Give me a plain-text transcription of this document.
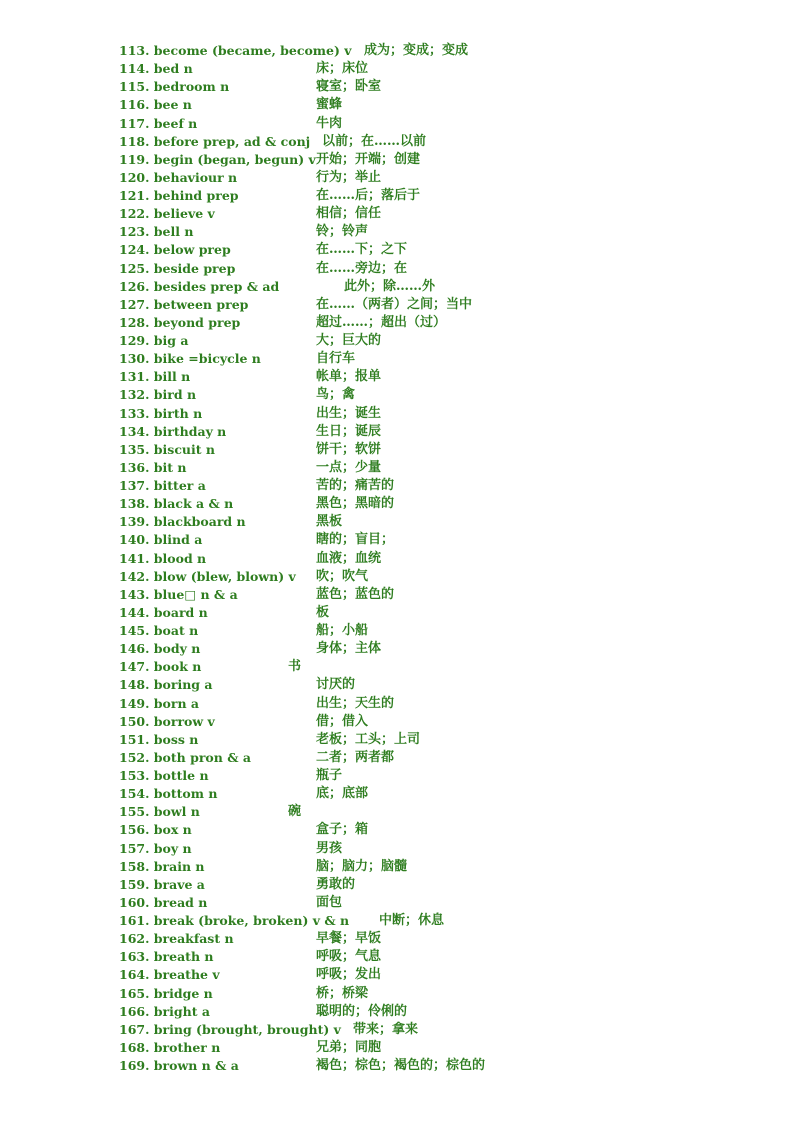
113. become (became, become) v 成为；变成；变成
114. bed n	床；床位
115. bedroom n	寝室；卧室
116. bee n	蜜蜂
117. beef n	牛肉
118. before prep, ad & conj 以前；在……以前
119. begin (began, begun) v 开始；开端；创建
120. behaviour n	行为；举止
121. behind prep	在……后；落后于
122. believe v	相信；信任
123. bell n	铃；铃声
124. below prep	在……下；之下
125. beside prep	在……旁边；在
126. besides prep & ad	此外；除……外
127. between prep	在……（两者）之间；当中
128. beyond prep	超过……；超出（过）
129. big a	大；巨大的
130. bike =bicycle n	自行车
131. bill n	帐单；报单
132. bird n	鸟；禽
133. birth n	出生；诞生
134. birthday n	生日；诞辰
135. biscuit n	饼干；软饼
136. bit n	一点；少量
137. bitter a	苦的；痛苦的
138. black a & n	黑色；黑暗的
139. blackboard n	黑板
140. blind a	瞎的；盲目；
141. blood n	血液；血统
142. blow (blew, blown) v 吹；吹气
143. blue□ n & a	蓝色；蓝色的
144. board n	板
145. boat n	船；小船
146. body n	身体；主体
147. book n	书
148. boring a	讨厌的
149. born a	出生；天生的
150. borrow v	借；借入
151. boss n	老板；工头；上司
152. both pron & a	二者；两者都
153. bottle n	瓶子
154. bottom n	底；底部
155. bowl n	碗
156. box n	盒子；箱
157. boy n	男孩
158. brain n	脑；脑力；脑髓
159. brave a	勇敢的
160. bread n	面包
161. break (broke, broken) v & n 中断；休息
162. breakfast n	早餐；早饭
163. breath n	呼吸；气息
164. breathe v	呼吸；发出
165. bridge n	桥；桥梁
166. bright a	聪明的；伶俐的
167. bring (brought, brought) v 带来；拿来
168. brother n	兄弟；同胞
169. brown n & a	褐色；棕色；褐色的；棕色的
